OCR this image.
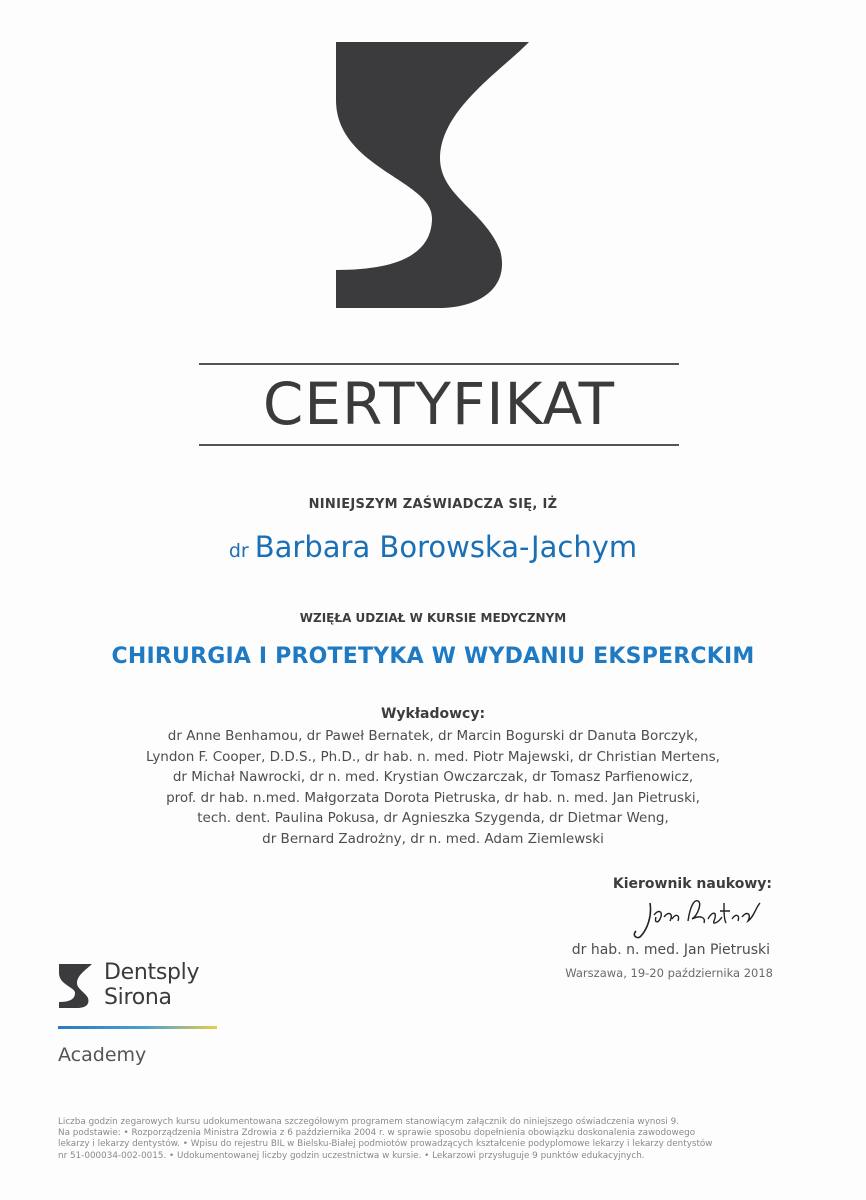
CERTYFIKAT
NINIEJSZYM ZAŚWIADCZA SIĘ, IŻ
dr Barbara Borowska-Jachym
WZIĘŁA UDZIAŁ W KURSIE MEDYCZNYM
CHIRURGIA I PROTETYKA W WYDANIU EKSPERCKIM
Wykładowcy:
dr Anne Benhamou, dr Paweł Bernatek, dr Marcin Bogurski dr Danuta Borczyk,
Lyndon F. Cooper, D.D.S., Ph.D., dr hab. n. med. Piotr Majewski, dr Christian Mertens,
dr Michał Nawrocki, dr n. med. Krystian Owczarczak, dr Tomasz Parfienowicz,
prof. dr hab. n.med. Małgorzata Dorota Pietruska, dr hab. n. med. Jan Pietruski,
tech. dent. Paulina Pokusa, dr Agnieszka Szygenda, dr Dietmar Weng,
dr Bernard Zadrożny, dr n. med. Adam Ziemlewski
Kierownik naukowy:
dr hab. n. med. Jan Pietruski
Warszawa, 19-20 października 2018
Dentsply
Sirona
Academy
Liczba godzin zegarowych kursu udokumentowana szczegółowym programem stanowiącym załącznik do niniejszego oświadczenia wynosi 9.
Na podstawie: • Rozporządzenia Ministra Zdrowia z 6 października 2004 r. w sprawie sposobu dopełnienia obowiązku doskonalenia zawodowego
lekarzy i lekarzy dentystów. • Wpisu do rejestru BIL w Bielsku-Białej podmiotów prowadzących kształcenie podyplomowe lekarzy i lekarzy dentystów
nr 51-000034-002-0015. • Udokumentowanej liczby godzin uczestnictwa w kursie. • Lekarzowi przysługuje 9 punktów edukacyjnych.
